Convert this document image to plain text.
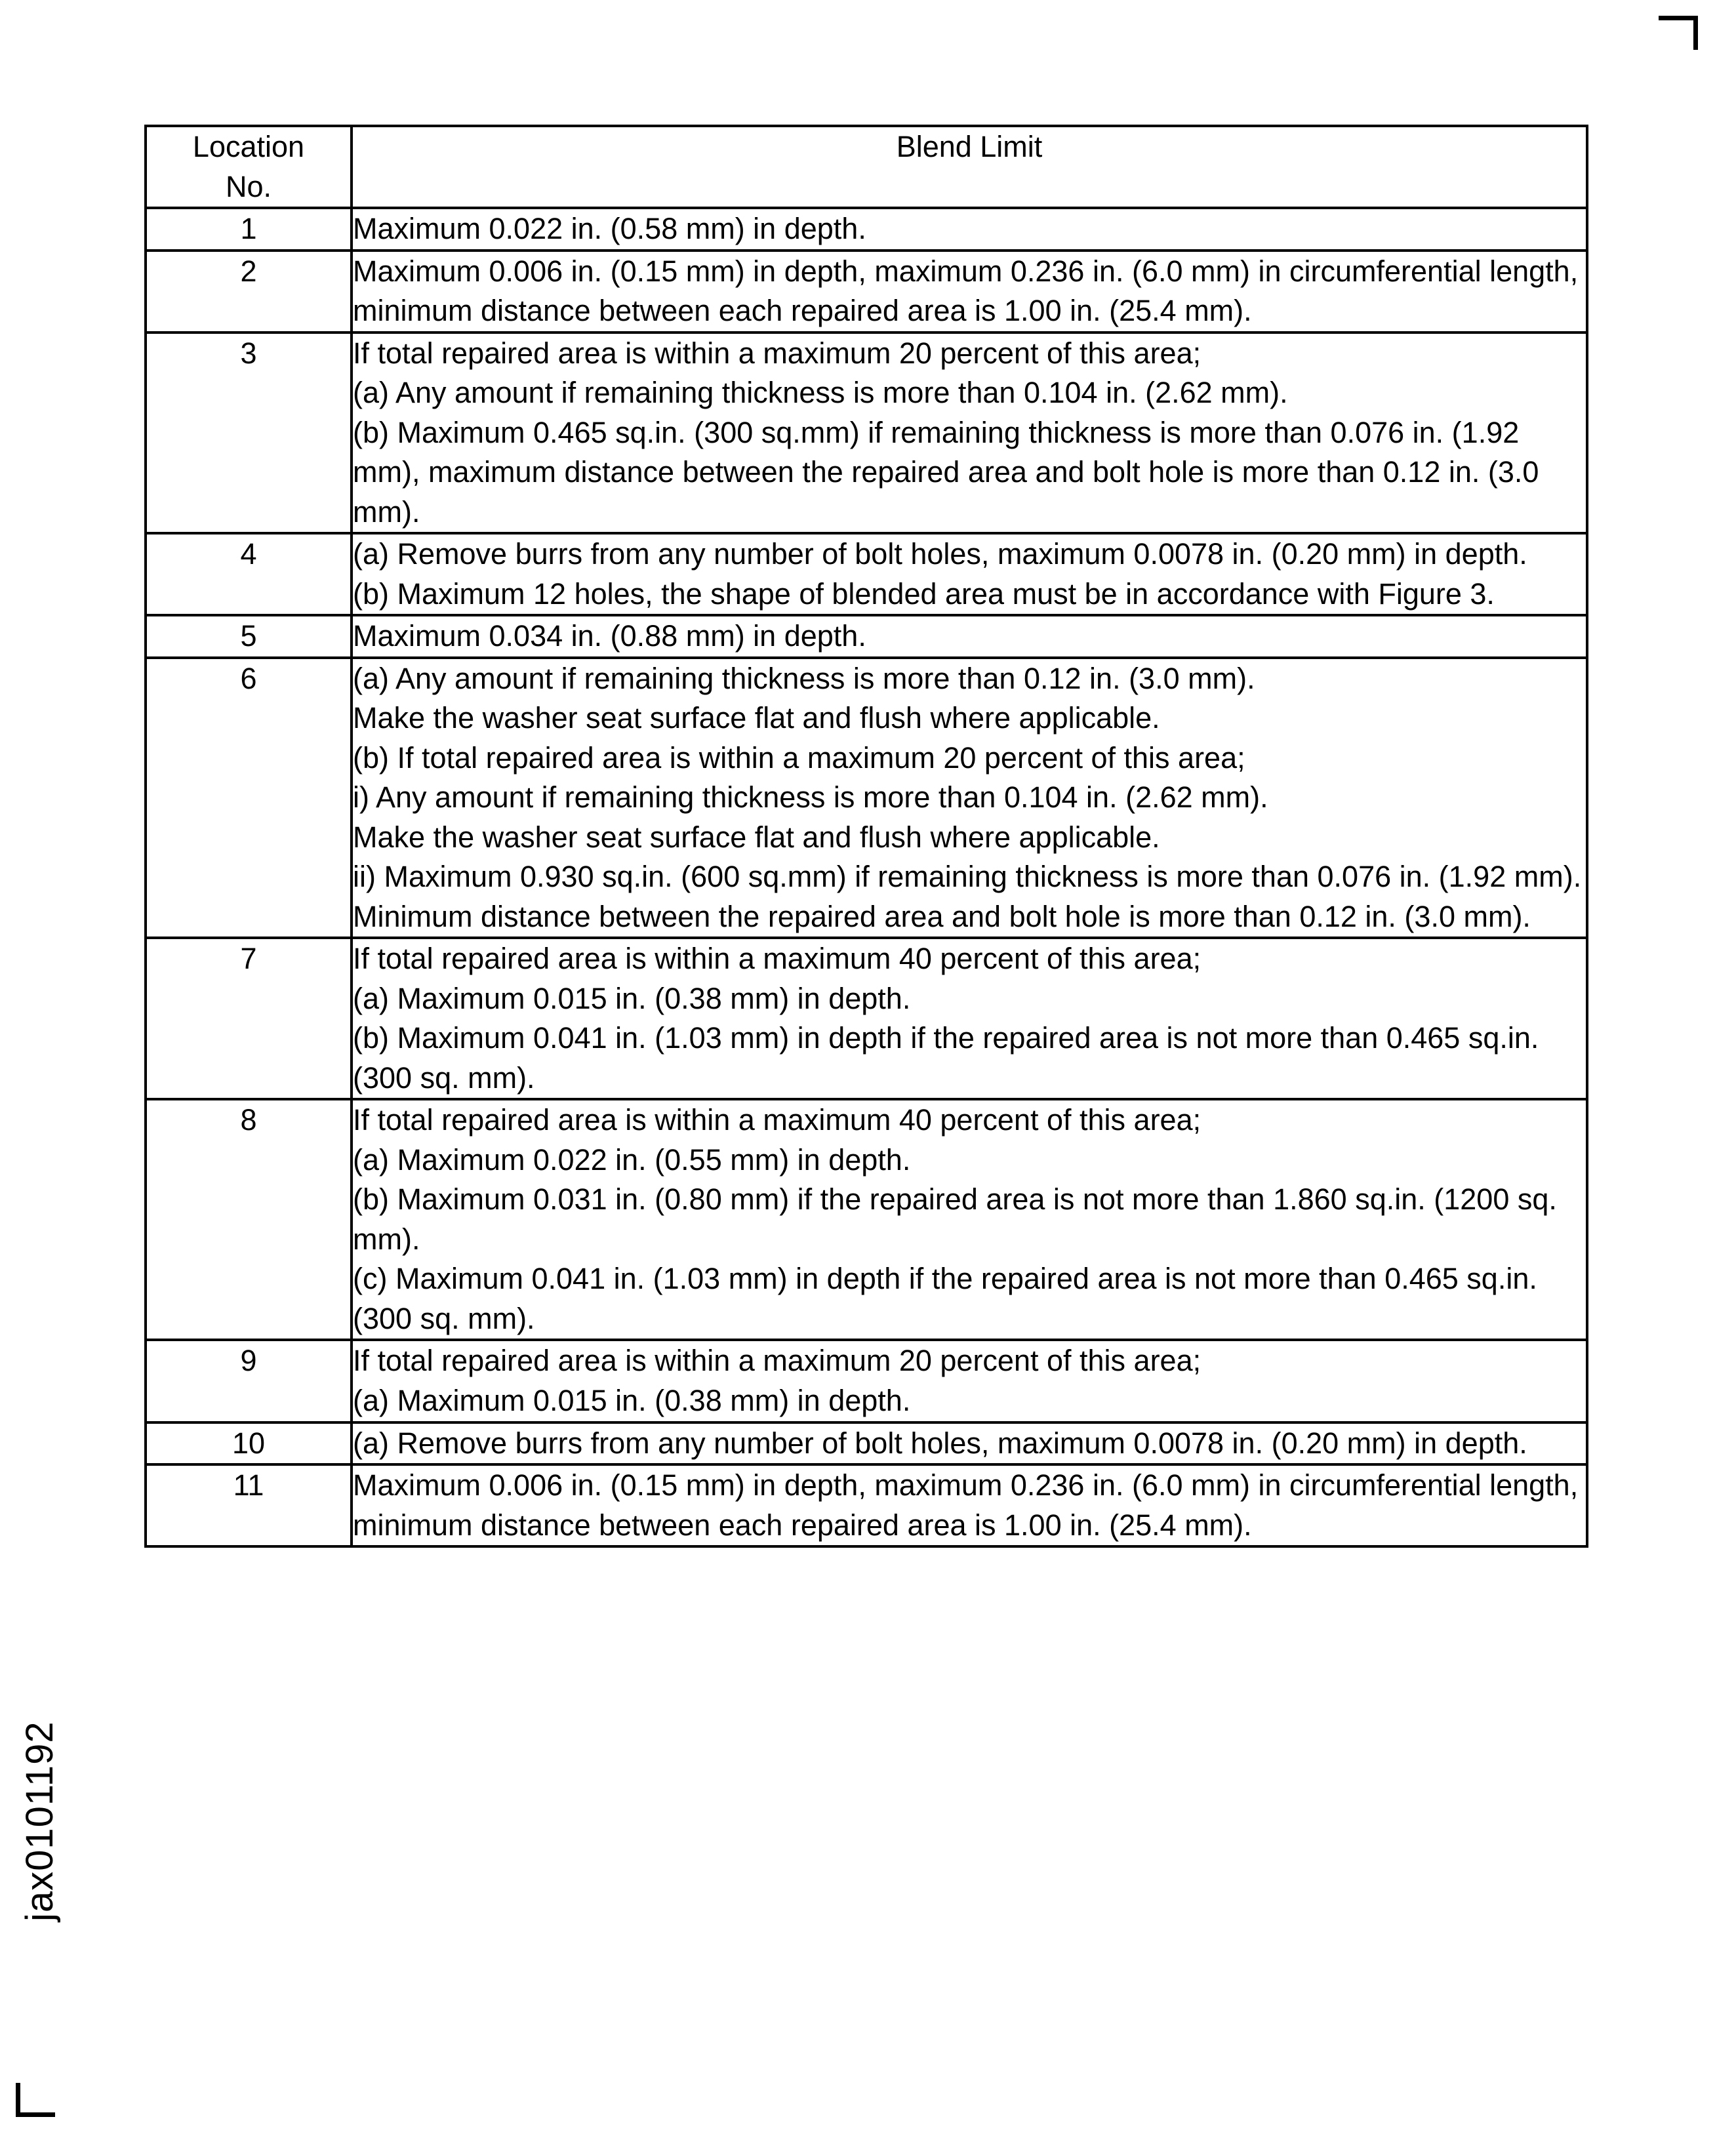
jax0101192
Location
No.	Blend Limit
1	Maximum 0.022 in. (0.58 mm) in depth.

2	Maximum 0.006 in. (0.15 mm) in depth, maximum 0.236 in. (6.0 mm) in circumferential length, minimum distance between each repaired area is 1.00 in. (25.4 mm).

3	If total repaired area is within a maximum 20 percent of this area;
(a) Any amount if remaining thickness is more than 0.104 in. (2.62 mm).
(b) Maximum 0.465 sq.in. (300 sq.mm) if remaining thickness is more than 0.076 in. (1.92 mm), maximum distance between the repaired area and bolt hole is more than 0.12 in. (3.0 mm).

4	(a) Remove burrs from any number of bolt holes, maximum 0.0078 in. (0.20 mm) in depth.
(b) Maximum 12 holes, the shape of blended area must be in accordance with Figure 3.

5	Maximum 0.034 in. (0.88 mm) in depth.

6	(a) Any amount if remaining thickness is more than 0.12 in. (3.0 mm).
Make the washer seat surface flat and flush where applicable.
(b) If total repaired area is within a maximum 20 percent of this area;
i) Any amount if remaining thickness is more than 0.104 in. (2.62 mm).
Make the washer seat surface flat and flush where applicable.
ii) Maximum 0.930 sq.in. (600 sq.mm) if remaining thickness is more than 0.076 in. (1.92 mm). Minimum distance between the repaired area and bolt hole is more than 0.12 in. (3.0 mm).

7	If total repaired area is within a maximum 40 percent of this area;
(a) Maximum 0.015 in. (0.38 mm) in depth.
(b) Maximum 0.041 in. (1.03 mm) in depth if the repaired area is not more than 0.465 sq.in. (300 sq. mm).

8	If total repaired area is within a maximum 40 percent of this area;
(a) Maximum 0.022 in. (0.55 mm) in depth.
(b) Maximum 0.031 in. (0.80 mm) if the repaired area is not more than 1.860 sq.in. (1200 sq. mm).
(c) Maximum 0.041 in. (1.03 mm) in depth if the repaired area is not more than 0.465 sq.in. (300 sq. mm).

9	If total repaired area is within a maximum 20 percent of this area;
(a) Maximum 0.015 in. (0.38 mm) in depth.

10	(a) Remove burrs from any number of bolt holes, maximum 0.0078 in. (0.20 mm) in depth.

11	Maximum 0.006 in. (0.15 mm) in depth, maximum 0.236 in. (6.0 mm) in circumferential length, minimum distance between each repaired area is 1.00 in. (25.4 mm).
